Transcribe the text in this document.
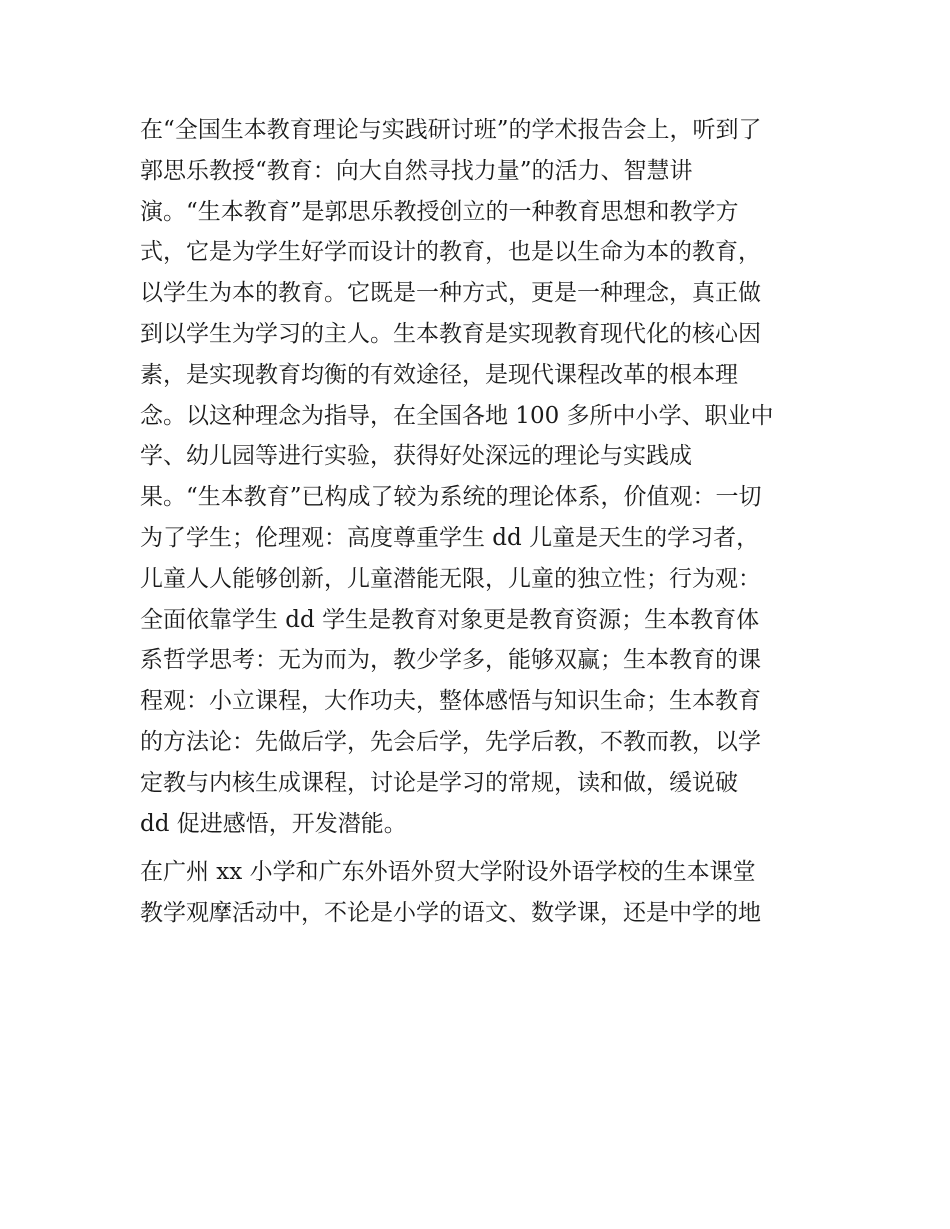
在“全国生本教育理论与实践研讨班”的学术报告会上，听到了
郭思乐教授“教育：向大自然寻找力量”的活力、智慧讲
演。“生本教育”是郭思乐教授创立的一种教育思想和教学方
式，它是为学生好学而设计的教育，也是以生命为本的教育，
以学生为本的教育。它既是一种方式，更是一种理念，真正做
到以学生为学习的主人。生本教育是实现教育现代化的核心因
素，是实现教育均衡的有效途径，是现代课程改革的根本理
念。以这种理念为指导，在全国各地 100 多所中小学、职业中
学、幼儿园等进行实验，获得好处深远的理论与实践成
果。“生本教育”已构成了较为系统的理论体系，价值观：一切
为了学生；伦理观：高度尊重学生 dd 儿童是天生的学习者，
儿童人人能够创新，儿童潜能无限，儿童的独立性；行为观：
全面依靠学生 dd 学生是教育对象更是教育资源；生本教育体
系哲学思考：无为而为，教少学多，能够双赢；生本教育的课
程观：小立课程，大作功夫，整体感悟与知识生命；生本教育
的方法论：先做后学，先会后学，先学后教，不教而教，以学
定教与内核生成课程，讨论是学习的常规，读和做，缓说破
dd 促进感悟，开发潜能。
在广州 xx 小学和广东外语外贸大学附设外语学校的生本课堂
教学观摩活动中，不论是小学的语文、数学课，还是中学的地
